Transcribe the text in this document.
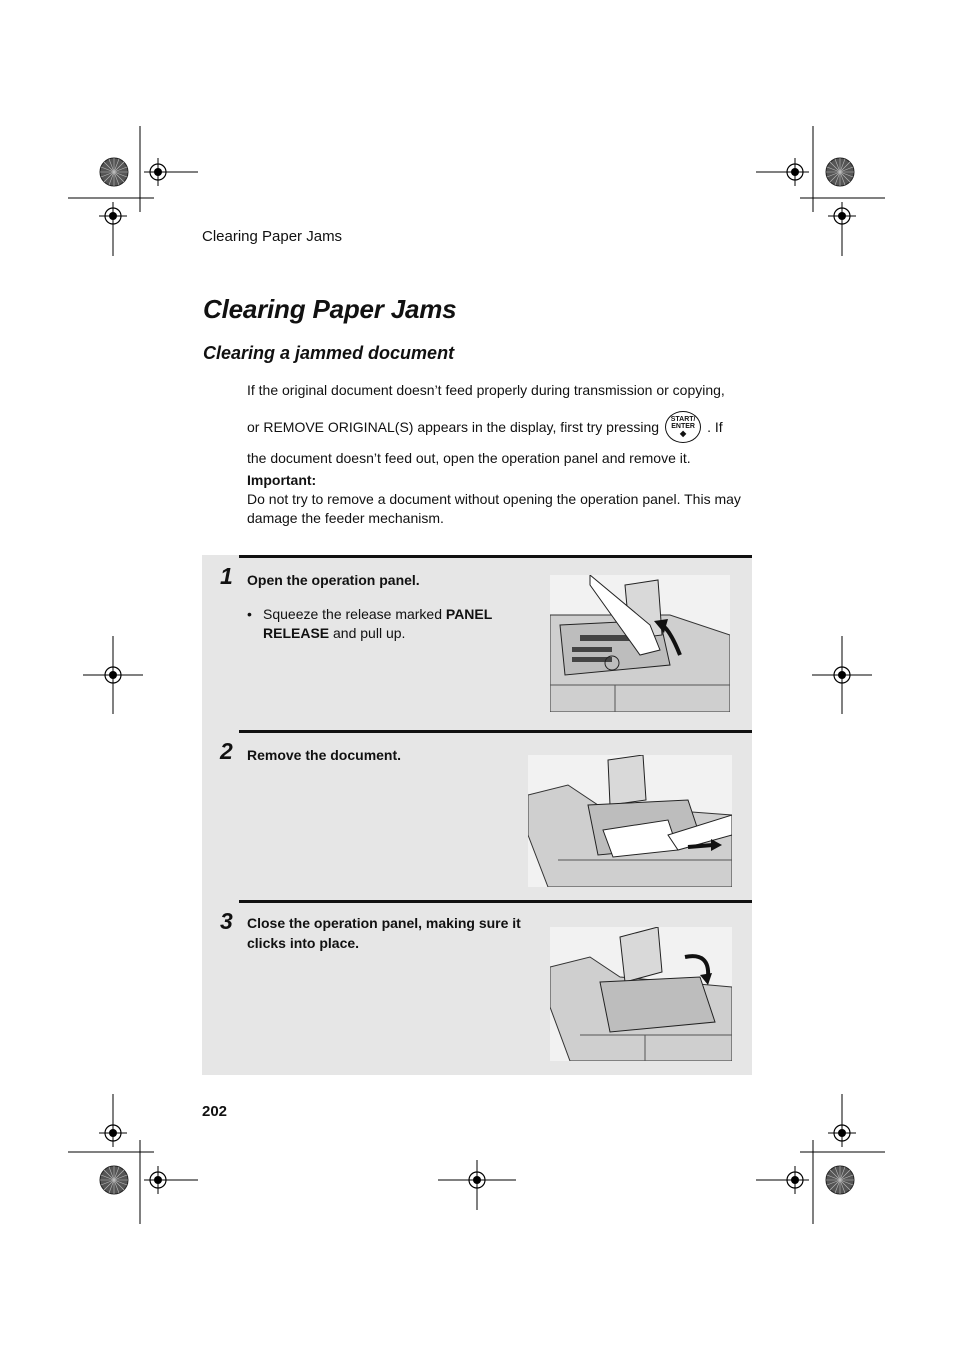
Clearing Paper Jams
Clearing Paper Jams
Clearing a jammed document

If the original document doesn’t feed properly during transmission or copying,

or REMOVE ORIGINAL(S) appears in the display, first try pressing START/
ENTER
◆ . If

the document doesn’t feed out, open the operation panel and remove it.

Important:
Do not try to remove a document without opening the operation panel. This may damage the feeder mechanism.
1 Open the operation panel.
• Squeeze the release marked PANEL RELEASE and pull up.
2 Remove the document.
3 Close the operation panel, making sure it clicks into place.
202
